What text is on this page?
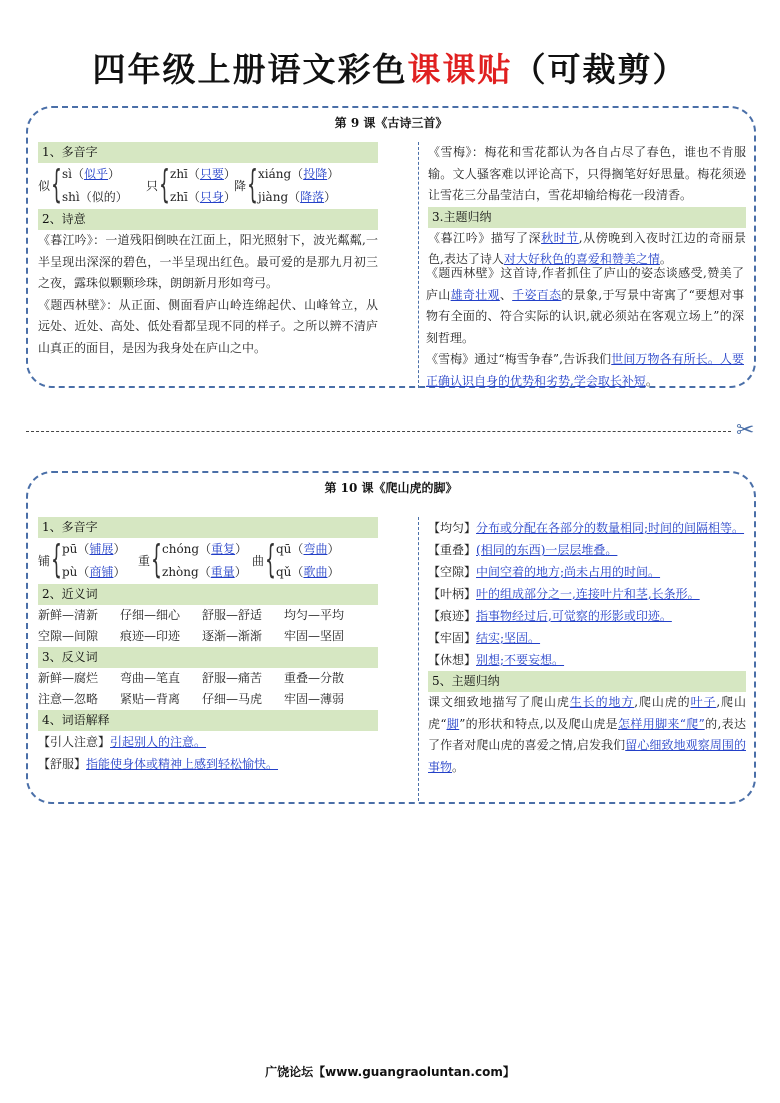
四年级上册语文彩色课课贴（可裁剪）
第 9 课《古诗三首》
1、多音字
似 { sì（似乎）
shì（似的）
只 { zhī（只要）
zhī（只身）
降 { xiáng（投降）
jiàng（降落）
2、诗意

《暮江吟》：一道残阳倒映在江面上，阳光照射下，波光粼粼,一半呈现出深深的碧色，一半呈现出红色。最可爱的是那九月初三之夜，露珠似颗颗珍珠，朗朗新月形如弯弓。

《题西林壁》：从正面、侧面看庐山岭连绵起伏、山峰耸立，从远处、近处、高处、低处看都呈现不同的样子。之所以辨不清庐山真正的面目，是因为我身处在庐山之中。

《雪梅》：梅花和雪花都认为各自占尽了春色，谁也不肯服输。文人骚客难以评论高下，只得搁笔好好思量。梅花须逊让雪花三分晶莹洁白，雪花却输给梅花一段清香。

3.主题归纳

《暮江吟》描写了深秋时节,从傍晚到入夜时江边的奇丽景色,表达了诗人对大好秋色的喜爱和赞美之情。

✂
第 10 课《爬山虎的脚》
1、多音字
铺 { pū（铺展）
pù（商铺）
重 { chóng（重复）
zhòng（重量）
曲 { qū（弯曲）
qǔ（歌曲）
2、近义词
新鲜—清新 仔细—细心 舒服—舒适 均匀—平均
空隙—间隙 痕迹—印迹 逐渐—渐渐 牢固—坚固
3、反义词
新鲜—腐烂 弯曲—笔直 舒服—痛苦 重叠—分散
注意—忽略 紧贴—背离 仔细—马虎 牢固—薄弱
4、词语解释
【引人注意】引起别人的注意。
【舒服】指能使身体或精神上感到轻松愉快。
【均匀】分布或分配在各部分的数量相同;时间的间隔相等。
【重叠】(相同的东西)一层层堆叠。
【空隙】中间空着的地方;尚未占用的时间。
【叶柄】叶的组成部分之一,连接叶片和茎,长条形。
【痕迹】指事物经过后,可觉察的形影或印迹。
【牢固】结实;坚固。
【休想】别想;不要妄想。
5、主题归纳

课文细致地描写了爬山虎生长的地方,爬山虎的叶子,爬山虎“脚”的形状和特点,以及爬山虎是怎样用脚来“爬”的,表达了作者对爬山虎的喜爱之情,启发我们留心细致地观察周围的事物。

《题西林壁》这首诗,作者抓住了庐山的姿态谈感受,赞美了庐山雄奇壮观、千姿百态的景象,于写景中寄寓了“要想对事物有全面的、符合实际的认识,就必须站在客观立场上”的深刻哲理。

《雪梅》通过“梅雪争春”,告诉我们世间万物各有所长。人要正确认识自身的优势和劣势,学会取长补短。

广饶论坛【www.guangraoluntan.com】
